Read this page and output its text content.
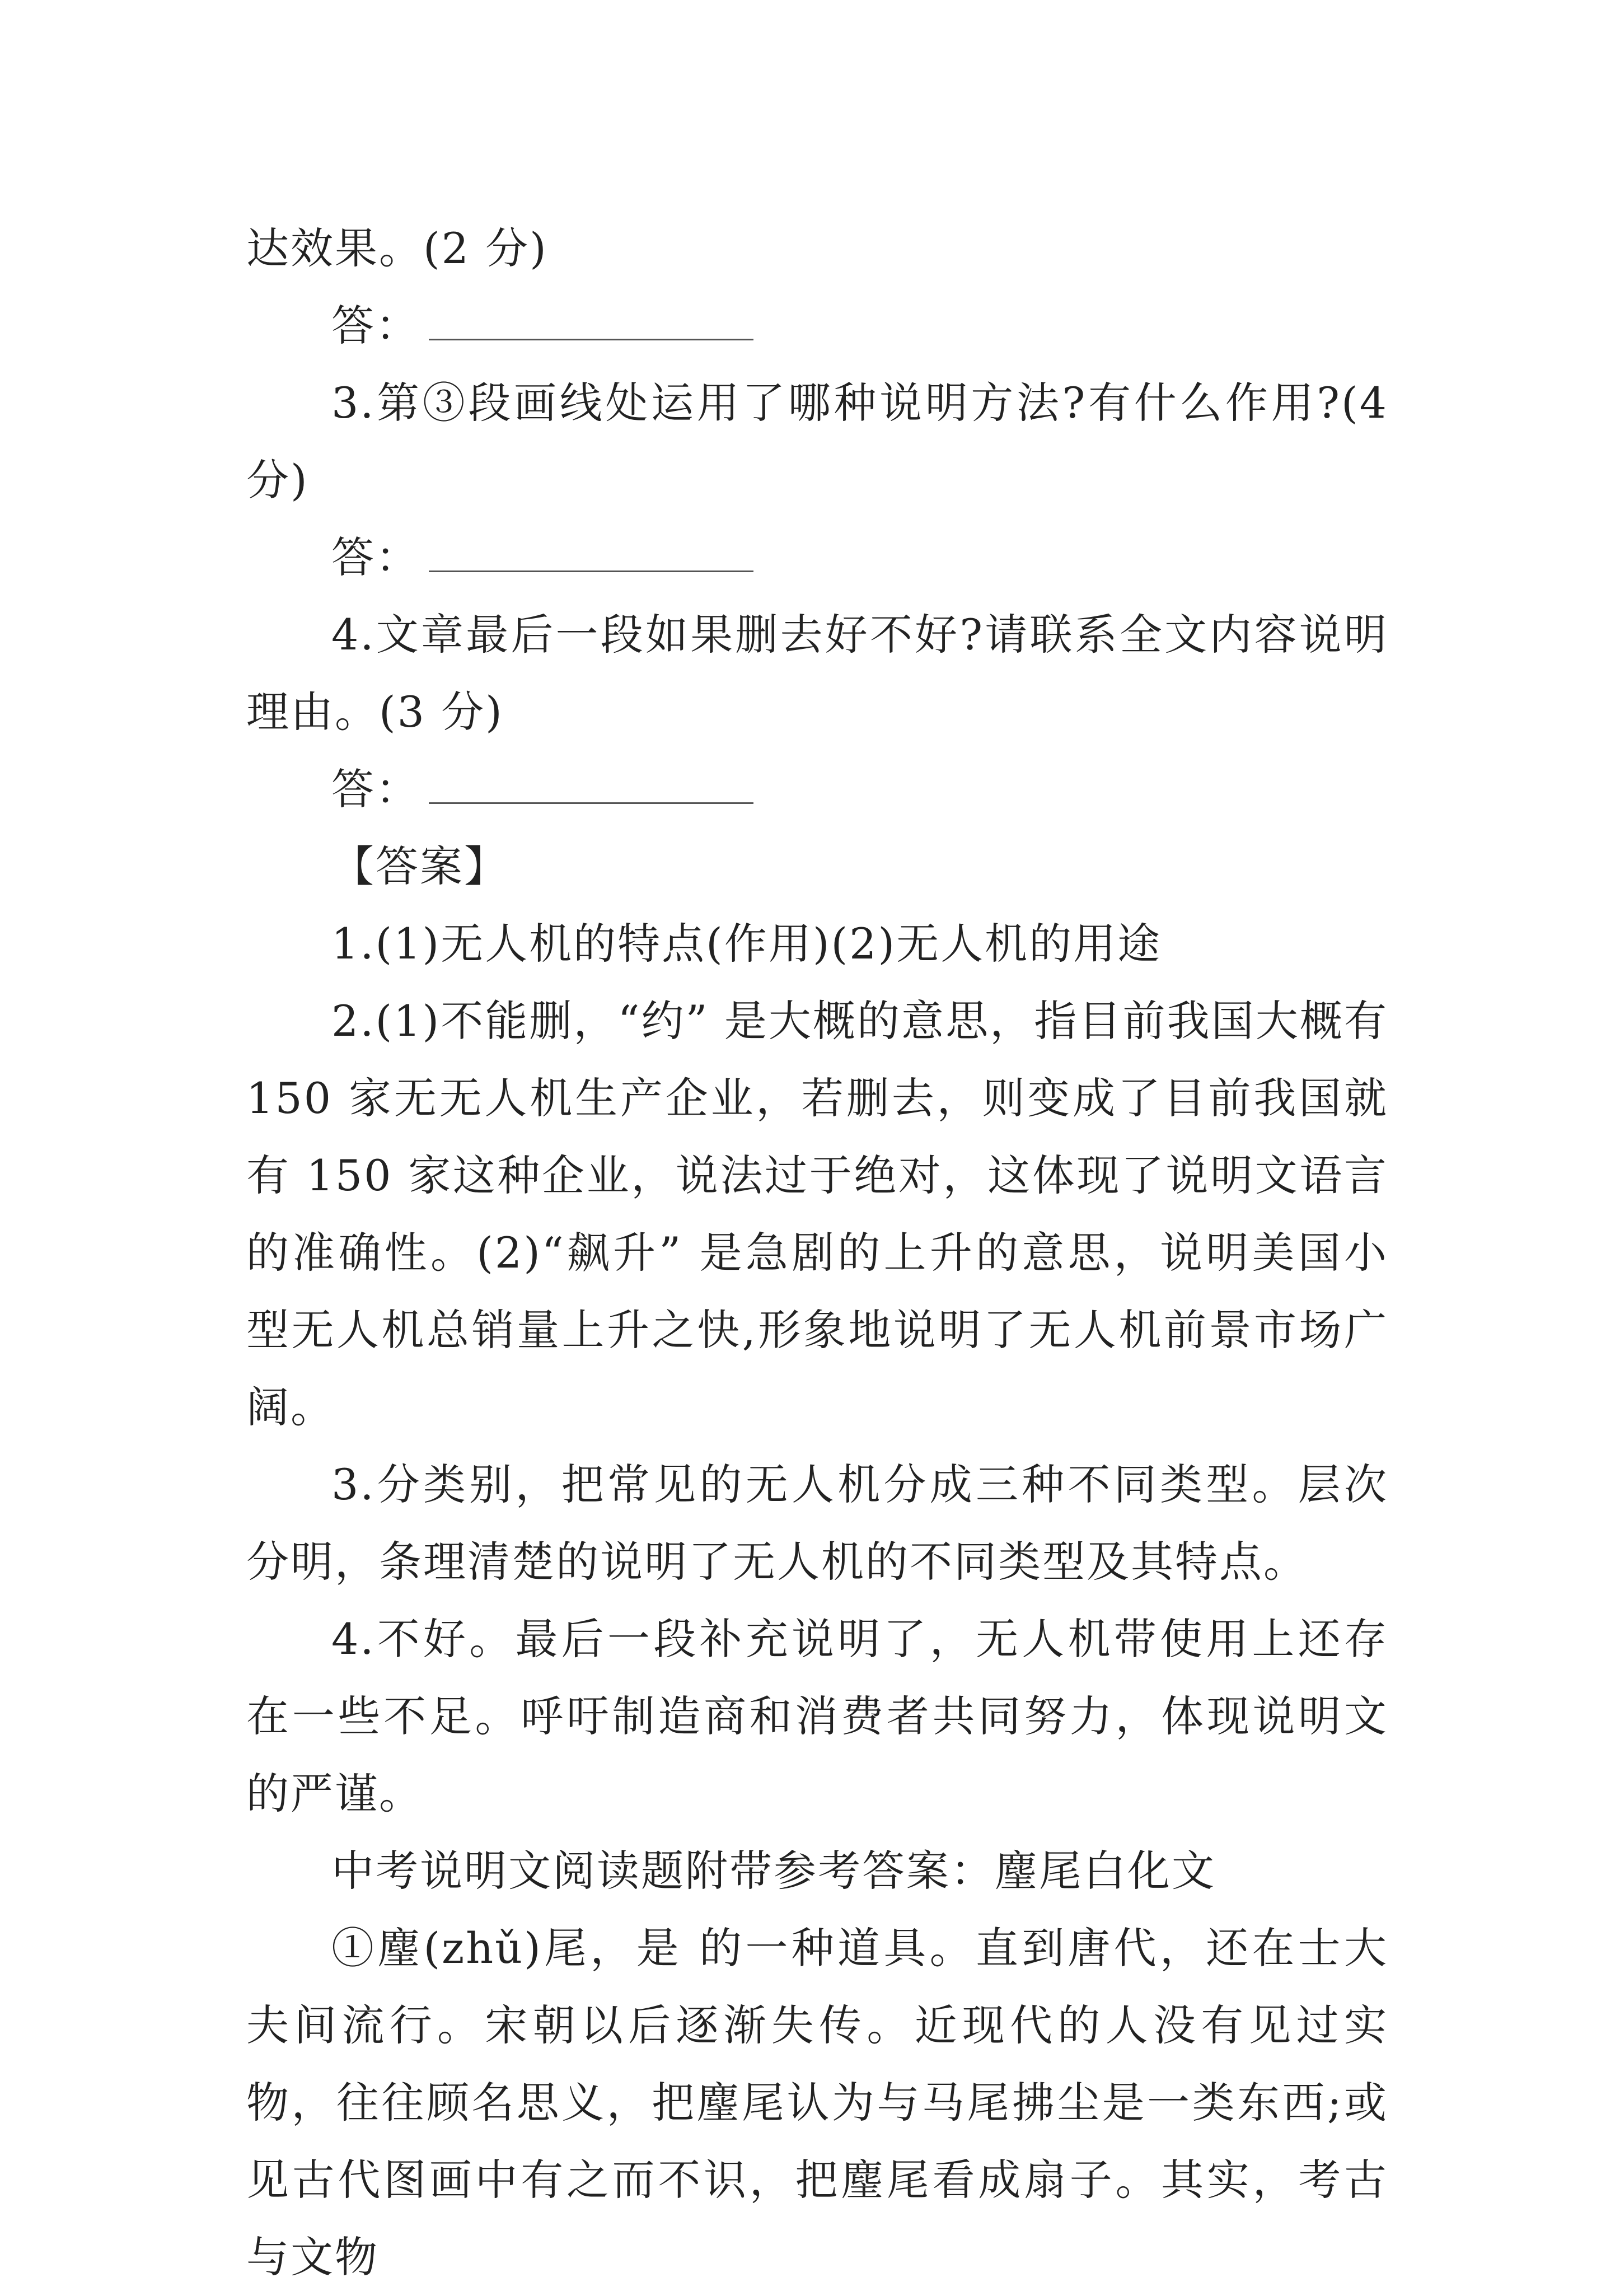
达效果。(2 分)

答：

3.第③段画线处运用了哪种说明方法?有什么作用?(4分)

答：

4.文章最后一段如果删去好不好?请联系全文内容说明理由。(3 分)

答：

【答案】

1.(1)无人机的特点(作用)(2)无人机的用途

2.(1)不能删，“约” 是大概的意思，指目前我国大概有 150 家无无人机生产企业，若删去，则变成了目前我国就有 150 家这种企业，说法过于绝对，这体现了说明文语言的准确性。(2)“飙升” 是急剧的上升的意思，说明美国小型无人机总销量上升之快,形象地说明了无人机前景市场广阔。

3.分类别，把常见的无人机分成三种不同类型。层次分明，条理清楚的说明了无人机的不同类型及其特点。

4.不好。最后一段补充说明了，无人机带使用上还存在一些不足。呼吁制造商和消费者共同努力，体现说明文的严谨。

中考说明文阅读题附带参考答案：麈尾白化文

①麈(zhǔ)尾，是 的一种道具。直到唐代，还在士大夫间流行。宋朝以后逐渐失传。近现代的人没有见过实物，往往顾名思义，把麈尾认为与马尾拂尘是一类东西;或见古代图画中有之而不识，把麈尾看成扇子。其实，考古与文物
